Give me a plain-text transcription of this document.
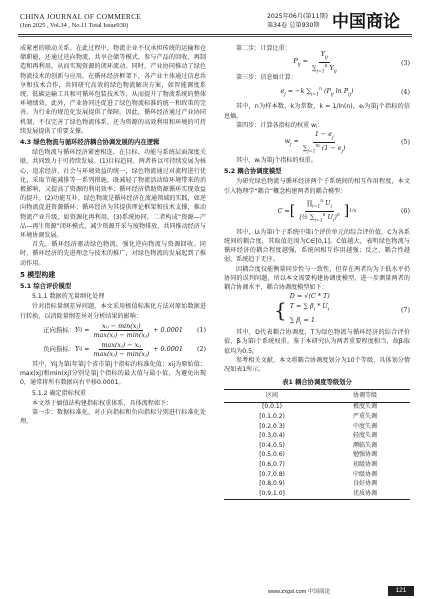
CHINA JOURNAL OF COMMERCE
(Jun 2025 , Vol.34 , No.11 Total Issue930)
2025年06月(第11期)
第34卷 总第930期 中国商论

成紧密的联动关系。在此过程中，物流企业不仅承担传统的运输和仓储职能，还通过逆向物流、共享仓储等模式，参与产品的回收、再制造和再利用，从而实现资源的闭环流动。同时，产业协同推动了绿色物流技术的创新与应用。在循环经济框架下，各产业主体通过信息共享和技术合作，共同研究高效的绿色物流解决方案，如智能调度系统、低碳运输工具和可循环包装技术等，从而提升了物流系统的整体环境绩效。此外，产业协同还促进了绿色物流标准的统一和政策的完善。为行业的规范化发展提供了保障。因此，循环经济通过产业协同机制，不仅完善了绿色物流体系，还为资源的高效利用和环境的可持续发展提供了重要支撑。

4.3 绿色物流与循环经济耦合协调发展的内在逻辑

绿色物流与循环经济紧密相连，在目标、功能与系统层面深度关联，共同致力于可持续发展。(1)目标趋同。两者皆以可持续发展为核心，追求经济、社会与环境效益的统一，绿色物流通过对流程进行优化，采取节能减排等一系列措施，既减轻了物流活动给环境带来的消极影响，又提高了资源的利用效率；循环经济借助资源循环实现效益的提升。(2)功能互补。绿色物流是循环经济在流通领域的实践，如逆向物流促进资源循环；循环经济为其提供理论框架和技术支撑，推动物流产业升级，如资源化再利用。(3)系统协同。二者构成“资源—产品—再生资源”闭环模式，减少资源开采与废物排放，共同推动经济与环境协调发展。

首先，循环经济驱动绿色物流，强化逆向物流与资源回收。同时，循环经济的先进理念与技术的推广，对绿色物流的发展起到了推动作用。

5 模型构建
5.1 综合评价模型
5.1.1 数据的无量纲化处理

针对指标量纲差异问题，本文采用极值标准化方法对原始数据进行转换，以消除量纲差异对分析结果的影响：

正向指标： Y ij = $\frac{\text{xᵢⱼ − min(xⱼ)}}{\text{max(xⱼ) − min(xⱼ)}} + 0.0001$ (1)
负向指标： Y ij = $\frac{\text{max(xⱼ) − xᵢⱼ}}{\text{max(xⱼ) − min(xⱼ)}} + 0.0001$ (2)

其中，Yij为第i年第j个省市第j个指标的标准化值；xij为原始值；max(xj)和min(xj)分别是第j个指标的最大值与最小值，为避免出现0，通常将所有数据向右平移0.0001。

5.1.2 确定指标权重

本文基于熵值法构建指标权重体系，具体流程如下：

第一步：数据标准化，对正向指标和负向指标分别进行标准化处理。

第二步：计算比重：

$P_{ij} = \frac{Y_{ij}}{\sum_{i=1}^n Y_{ij}}$	(3)

第三步：信息熵计算：

$e_j = -k$ $\sum_{i=1}^n$ ($P_{ij}$ $\ln P_{ij}$)	(4)

其中，n为样本数，k为常数，k = 1/ln(n)，eⱼ为第j个指标的信息熵。

第四步：计算各指标的权重 wⱼ：

$w_j = \frac{1 - e_j}{\sum_{j=1}^m (1 - e_j)}$	(5)

其中，wⱼ为第j个指标的权重。

5.2 耦合协调度模型

为研究绿色物流与循环经济两个子系统间的相互作用程度，本文引入物理学“耦合”概念构建两者的耦合模型：

C = [ $\frac{\prod_{i=1}^n U_i}{(\frac{1}{2} \sum_{i=1}^n U_i)^n}$ ] 1/n	(6)

其中，Uᵢ为第i个子系统中第i个评价单元的综合评价值，C为各系统间的耦合度，其取值范围为C∈[0,1]。C值越大，表明绿色物流与循环经济的耦合程度越强，系统间相互作用越强；反之，耦合性越弱，系统趋于无序。

因耦合度仅能衡量同步性与一致性，但存在两者均为于低水平仍协同的误判问题，所以本文需要构建协调度模型，进一步测量两者的耦合协调水平，耦合协调度模型如下：

{
D = √(C * T)
T = ∑ $\beta_i * U_i$
∑ $\beta_i = 1$
(7)

其中，D代表耦合协调度，T为绿色物流与循环经济的综合评价值，βᵢ为第i个系统权重。鉴于本研究认为两者重要程度相当，故βᵢ取值均为0.5。

参考相关文献，本文将耦合协调度划分为10个等级，具体划分情况如表1所示。

表1 耦合协调度等级划分
区间	协调等级
[0,0.1)	极度失调
[0.1,0.2)	严重失调
[0.2,0.3)	中度失调
[0.3,0.4)	轻度失调
[0.4,0.5)	濒临失调
[0.5,0.6)	勉强协调
[0.6,0.7)	初级协调
[0.7,0.8)	中级协调
[0.8,0.9)	良好协调
[0.9,1.0]	优质协调
www.zxgsl.com 中国商论	121
